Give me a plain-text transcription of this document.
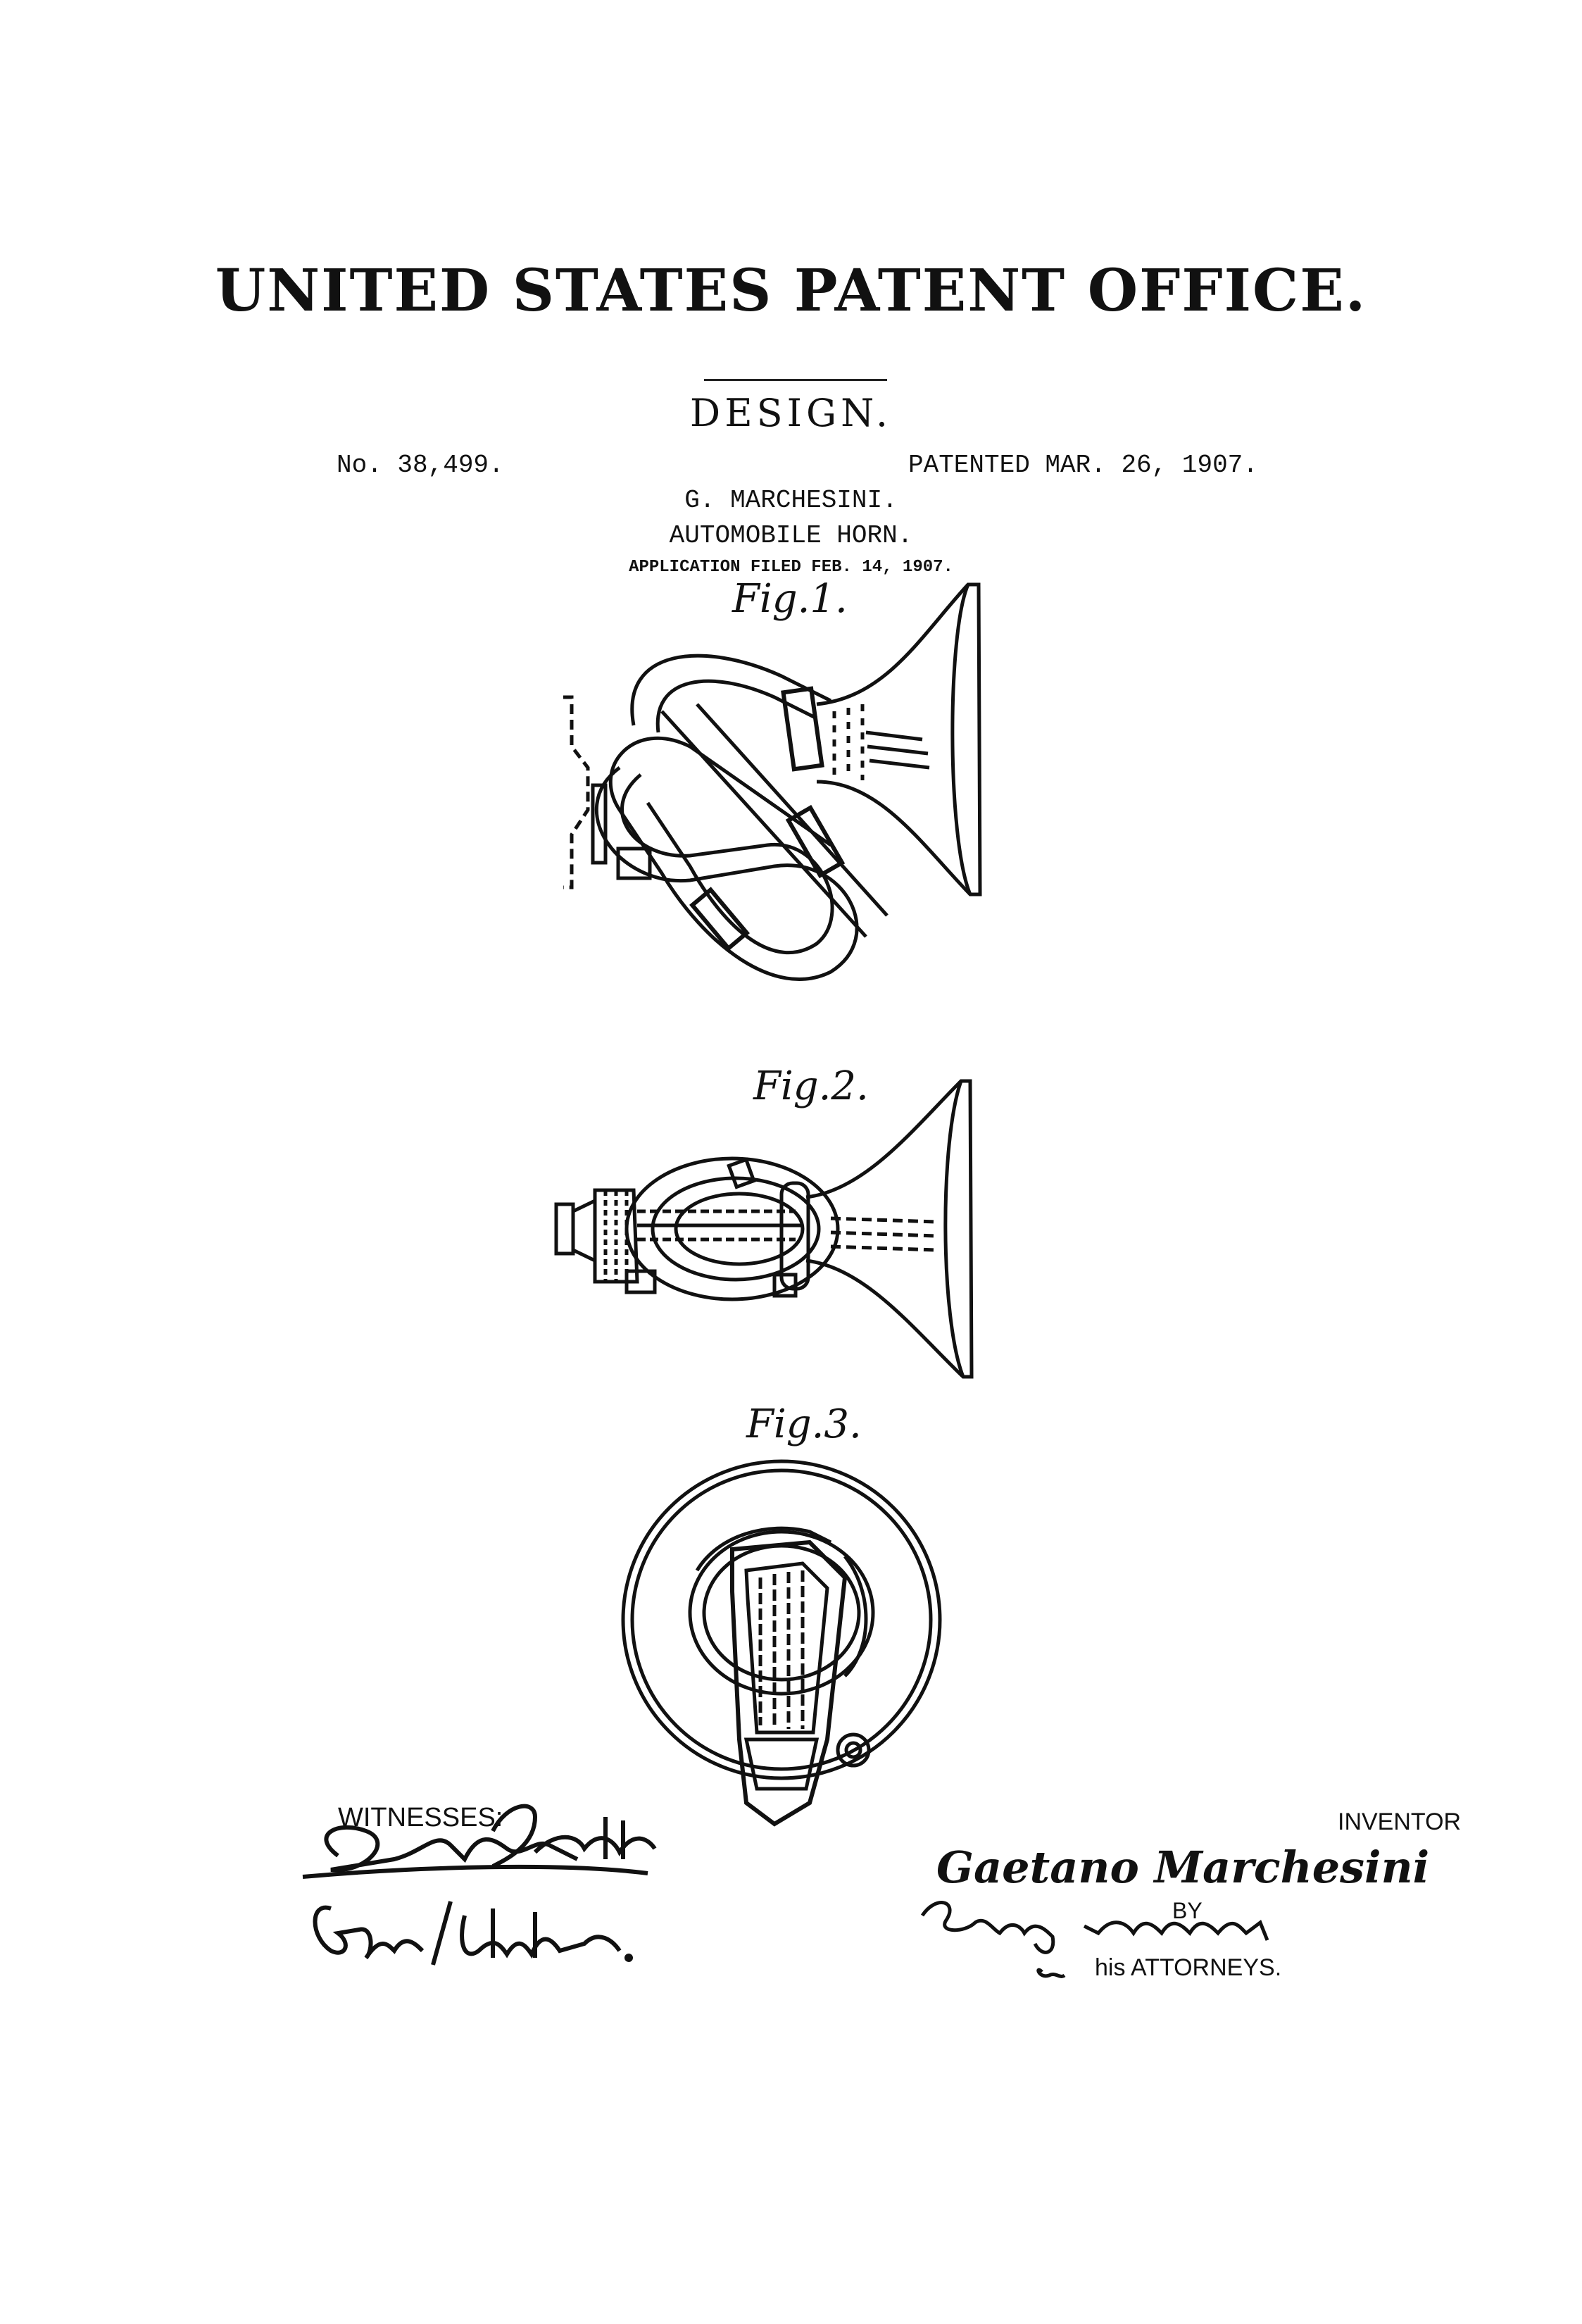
UNITED STATES PATENT OFFICE.
DESIGN.
No. 38,499.	PATENTED MAR. 26, 1907.
G. MARCHESINI.
AUTOMOBILE HORN.
APPLICATION FILED FEB. 14, 1907.
Fig.1.
Fig.2.
Fig.3.
WITNESSES:	INVENTOR
Gaetano Marchesini
BY
his ATTORNEYS.
